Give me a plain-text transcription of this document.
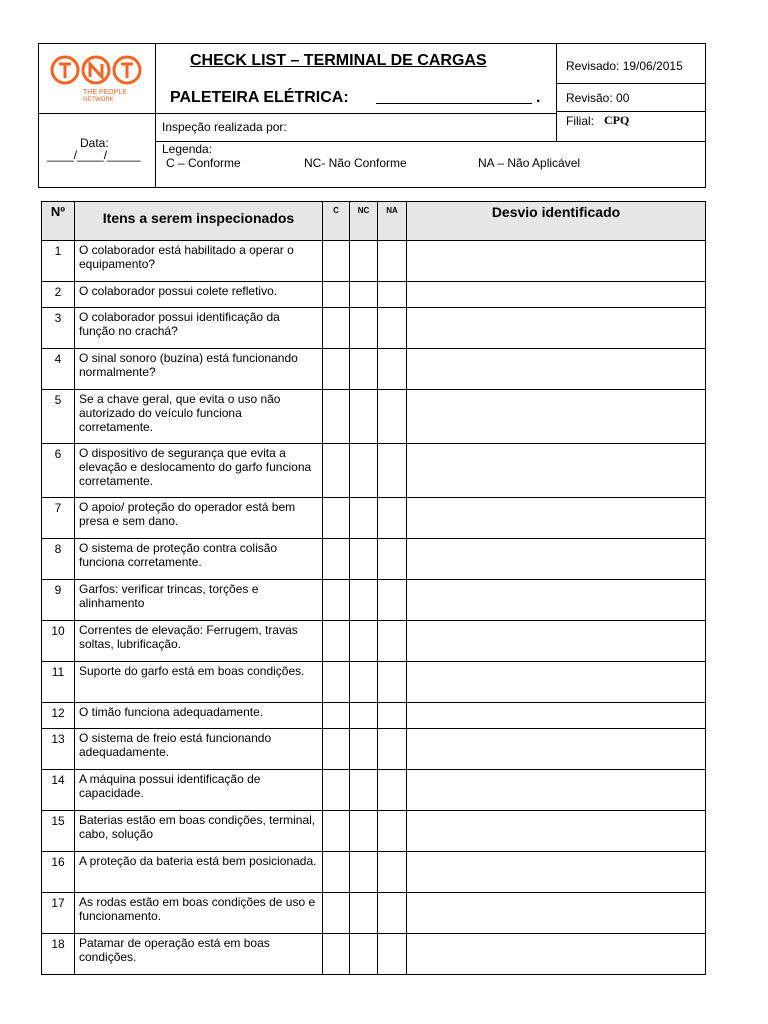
THE PEOPLE
NETWORK
CHECK LIST – TERMINAL DE CARGAS
PALETEIRA ELÉTRICA:	.
Revisado: 19/06/2015
Revisão: 00
Filial: CPQ
Data:
____/____/_____
Inspeção realizada por:
Legenda:
C – Conforme	NC- Não Conforme	NA – Não Aplicável
Nº	Itens a serem inspecionados	C	NC	NA	Desvio identificado
1	O colaborador está habilitado a operar o equipamento?				
2	O colaborador possui colete refletivo.				
3	O colaborador possui identificação da função no crachá?				
4	O sinal sonoro (buzina) está funcionando normalmente?				
5	Se a chave geral, que evita o uso não autorizado do veículo funciona corretamente.				
6	O dispositivo de segurança que evita a elevação e deslocamento do garfo funciona corretamente.				
7	O apoio/ proteção do operador está bem presa e sem dano.				
8	O sistema de proteção contra colisão funciona corretamente.				
9	Garfos: verificar trincas, torções e alinhamento				
10	Correntes de elevação: Ferrugem, travas soltas, lubrificação.				
11	Suporte do garfo está em boas condições.				
12	O timão funciona adequadamente.				
13	O sistema de freio está funcionando adequadamente.				
14	A máquina possui identificação de capacidade.				
15	Baterias estão em boas condições, terminal, cabo, solução				
16	A proteção da bateria está bem posicionada.				
17	As rodas estão em boas condições de uso e funcionamento.				
18	Patamar de operação está em boas condições.				
